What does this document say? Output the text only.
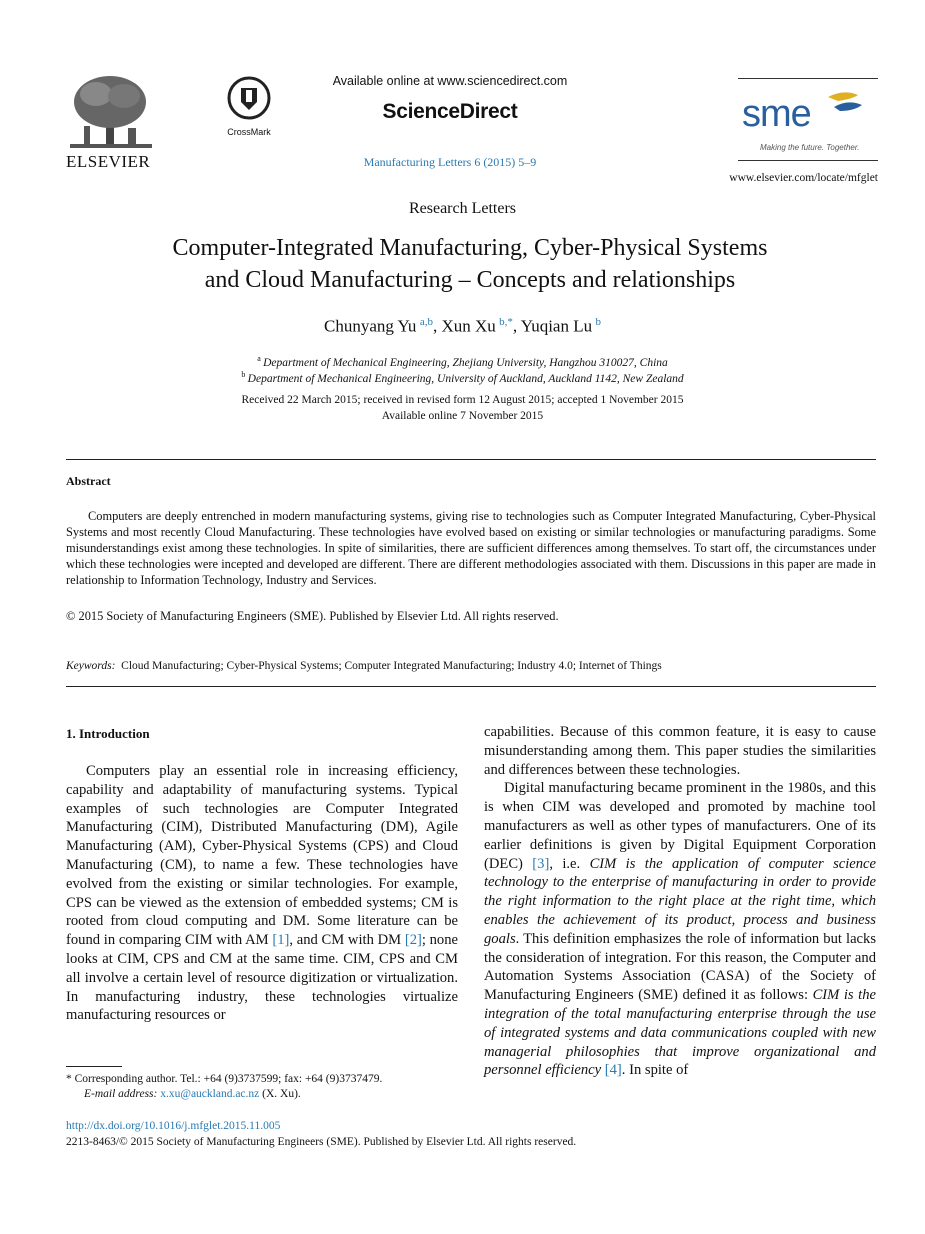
ELSEVIER
CrossMark
Available online at www.sciencedirect.com
ScienceDirect
Manufacturing Letters 6 (2015) 5–9
sme
Making the future. Together.
www.elsevier.com/locate/mfglet
Research Letters
Computer-Integrated Manufacturing, Cyber-Physical Systems
and Cloud Manufacturing – Concepts and relationships
Chunyang Yu  $^{a,b}$, Xun Xu  $^{b,*}$, Yuqian Lu  $^b$
$^a$  Department of Mechanical Engineering, Zhejiang University, Hangzhou 310027, China
$^b$  Department of Mechanical Engineering, University of Auckland, Auckland 1142, New Zealand
Received 22 March 2015; received in revised form 12 August 2015; accepted 1 November 2015
Available online 7 November 2015
Abstract

Computers are deeply entrenched in modern manufacturing systems, giving rise to technologies such as Computer Integrated Manufacturing, Cyber-Physical Systems and most recently Cloud Manufacturing. These technologies have evolved based on existing or similar technologies or manufacturing paradigms. Some misunderstandings exist among these technologies. In spite of similarities, there are sufficient differences among themselves. To start off, the circumstances under which these technologies were incepted and developed are different. There are different methodologies associated with them. Discussions in this paper are made in relationship to Information Technology, Industry and Services.

© 2015 Society of Manufacturing Engineers (SME). Published by Elsevier Ltd. All rights reserved.
Keywords: Cloud Manufacturing; Cyber-Physical Systems; Computer Integrated Manufacturing; Industry 4.0; Internet of Things
1. Introduction

Computers play an essential role in increasing efficiency, capability and adaptability of manufacturing systems. Typical examples of such technologies are Computer Integrated Manufacturing (CIM), Distributed Manufacturing (DM), Agile Manufacturing (AM), Cyber-Physical Systems (CPS) and Cloud Manufacturing (CM), to name a few. These technologies have evolved from the existing or similar technologies. For example, CPS can be viewed as the extension of embedded systems; CM is rooted from cloud computing and DM. Some literature can be found in comparing CIM with AM [1], and CM with DM [2]; none looks at CIM, CPS and CM at the same time. CIM, CPS and CM all involve a certain level of resource digitization or virtualization. In manufacturing industry, these technologies virtualize manufacturing resources or

capabilities. Because of this common feature, it is easy to cause misunderstanding among them. This paper studies the similarities and differences between these technologies.

Digital manufacturing became prominent in the 1980s, and this is when CIM was developed and promoted by machine tool manufacturers as well as other types of manufacturers. One of its earlier definitions is given by Digital Equipment Corporation (DEC) [3], i.e. CIM is the application of computer science technology to the enterprise of manufacturing in order to provide the right information to the right place at the right time, which enables the achievement of its product, process and business goals. This definition emphasizes the role of information but lacks the consideration of integration. For this reason, the Computer and Automation Systems Association (CASA) of the Society of Manufacturing Engineers (SME) defined it as follows: CIM is the integration of the total manufacturing enterprise through the use of integrated systems and data communications coupled with new managerial philosophies that improve organizational and personnel efficiency [4]. In spite of

* Corresponding author. Tel.: +64 (9)3737599; fax: +64 (9)3737479.
E-mail address: x.xu@auckland.ac.nz (X. Xu).
http://dx.doi.org/10.1016/j.mfglet.2015.11.005
2213-8463/© 2015 Society of Manufacturing Engineers (SME). Published by Elsevier Ltd. All rights reserved.
